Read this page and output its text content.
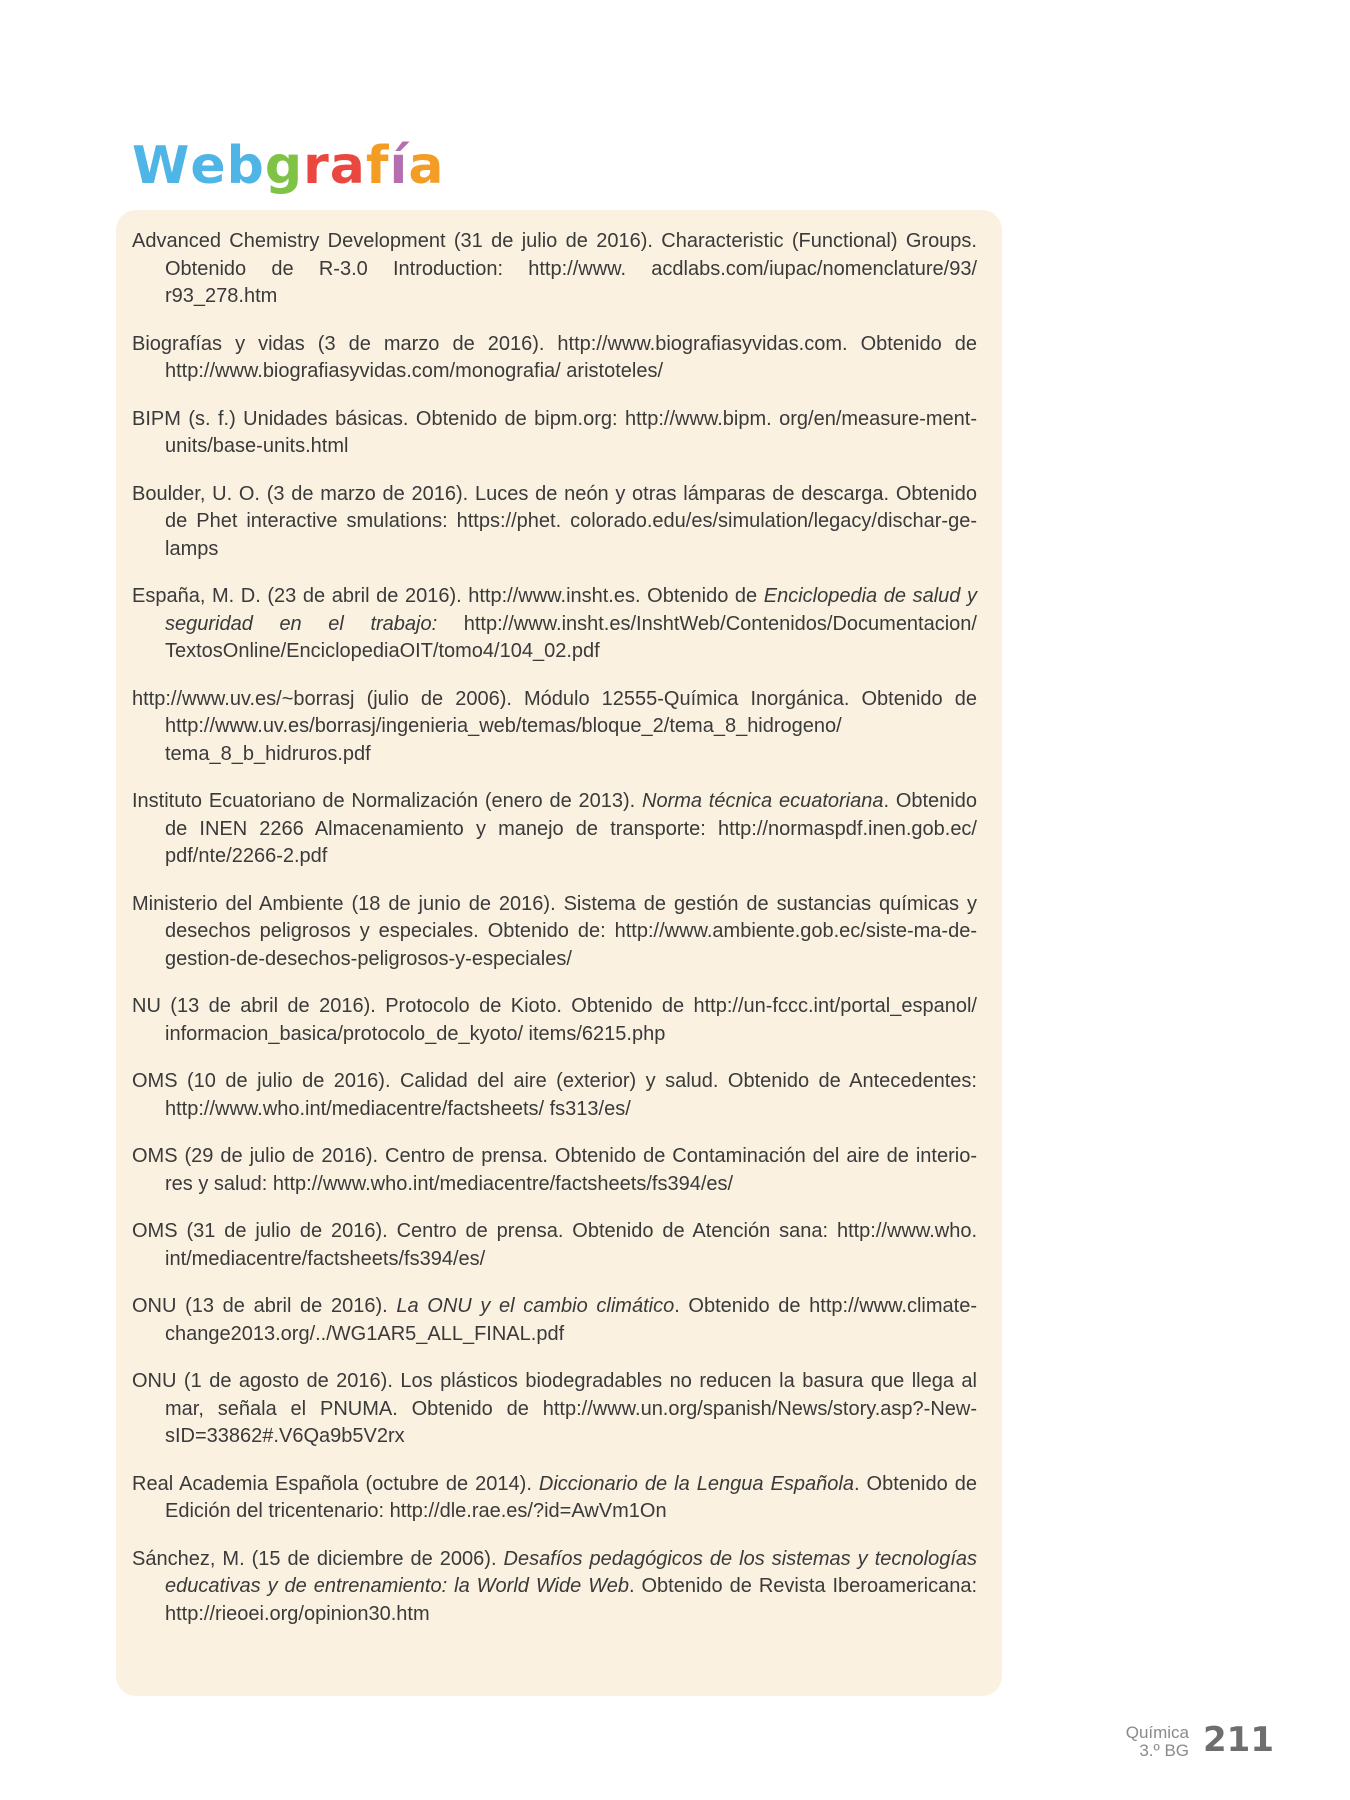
Webgrafía

Advanced Chemistry Development (31 de julio de 2016). Characteristic (Functional) Groups. Obtenido de R-3.0 Introduction: http://www. acdlabs.com/iupac/nomenclature/93/ r93_278.htm

Biografías y vidas (3 de marzo de 2016). http://www.biografiasyvidas.com. Obtenido de http://www.biografiasyvidas.com/monografia/ aristoteles/

BIPM (s. f.) Unidades básicas. Obtenido de bipm.org: http://www.bipm. org/en/measure-ment-units/base-units.html

Boulder, U. O. (3 de marzo de 2016). Luces de neón y otras lámparas de descarga. Obtenido de Phet interactive smulations: https://phet. colorado.edu/es/simulation/legacy/dischar-ge-lamps

España, M. D. (23 de abril de 2016). http://www.insht.es. Obtenido de Enciclopedia de salud y seguridad en el trabajo: http://www.insht.es/InshtWeb/Contenidos/Documentacion/ TextosOnline/EnciclopediaOIT/tomo4/104_02.pdf

http://www.uv.es/~borrasj (julio de 2006). Módulo 12555-Química Inorgánica. Obtenido de http://www.uv.es/borrasj/ingenieria_web/temas/bloque_2/tema_8_hidrogeno/ tema_8_b_hidruros.pdf

Instituto Ecuatoriano de Normalización (enero de 2013). Norma técnica ecuatoriana. Obtenido de INEN 2266 Almacenamiento y manejo de transporte: http://normaspdf.inen.gob.ec/ pdf/nte/2266-2.pdf

Ministerio del Ambiente (18 de junio de 2016). Sistema de gestión de sustancias químicas y desechos peligrosos y especiales. Obtenido de: http://www.ambiente.gob.ec/siste-ma-de-gestion-de-desechos-peligrosos-y-especiales/

NU (13 de abril de 2016). Protocolo de Kioto. Obtenido de http://un-fccc.int/portal_espanol/ informacion_basica/protocolo_de_kyoto/ items/6215.php

OMS (10 de julio de 2016). Calidad del aire (exterior) y salud. Obtenido de Antecedentes: http://www.who.int/mediacentre/factsheets/ fs313/es/

OMS (29 de julio de 2016). Centro de prensa. Obtenido de Contaminación del aire de interio-res y salud: http://www.who.int/mediacentre/factsheets/fs394/es/

OMS (31 de julio de 2016). Centro de prensa. Obtenido de Atención sana: http://www.who. int/mediacentre/factsheets/fs394/es/

ONU (13 de abril de 2016). La ONU y el cambio climático. Obtenido de http://www.climate-change2013.org/../WG1AR5_ALL_FINAL.pdf

ONU (1 de agosto de 2016). Los plásticos biodegradables no reducen la basura que llega al mar, señala el PNUMA. Obtenido de http://www.un.org/spanish/News/story.asp?-New-sID=33862#.V6Qa9b5V2rx

Real Academia Española (octubre de 2014). Diccionario de la Lengua Española. Obtenido de Edición del tricentenario: http://dle.rae.es/?id=AwVm1On

Sánchez, M. (15 de diciembre de 2006). Desafíos pedagógicos de los sistemas y tecnologías educativas y de entrenamiento: la World Wide Web. Obtenido de Revista Iberoamericana: http://rieoei.org/opinion30.htm

Química
3.º BG 211
